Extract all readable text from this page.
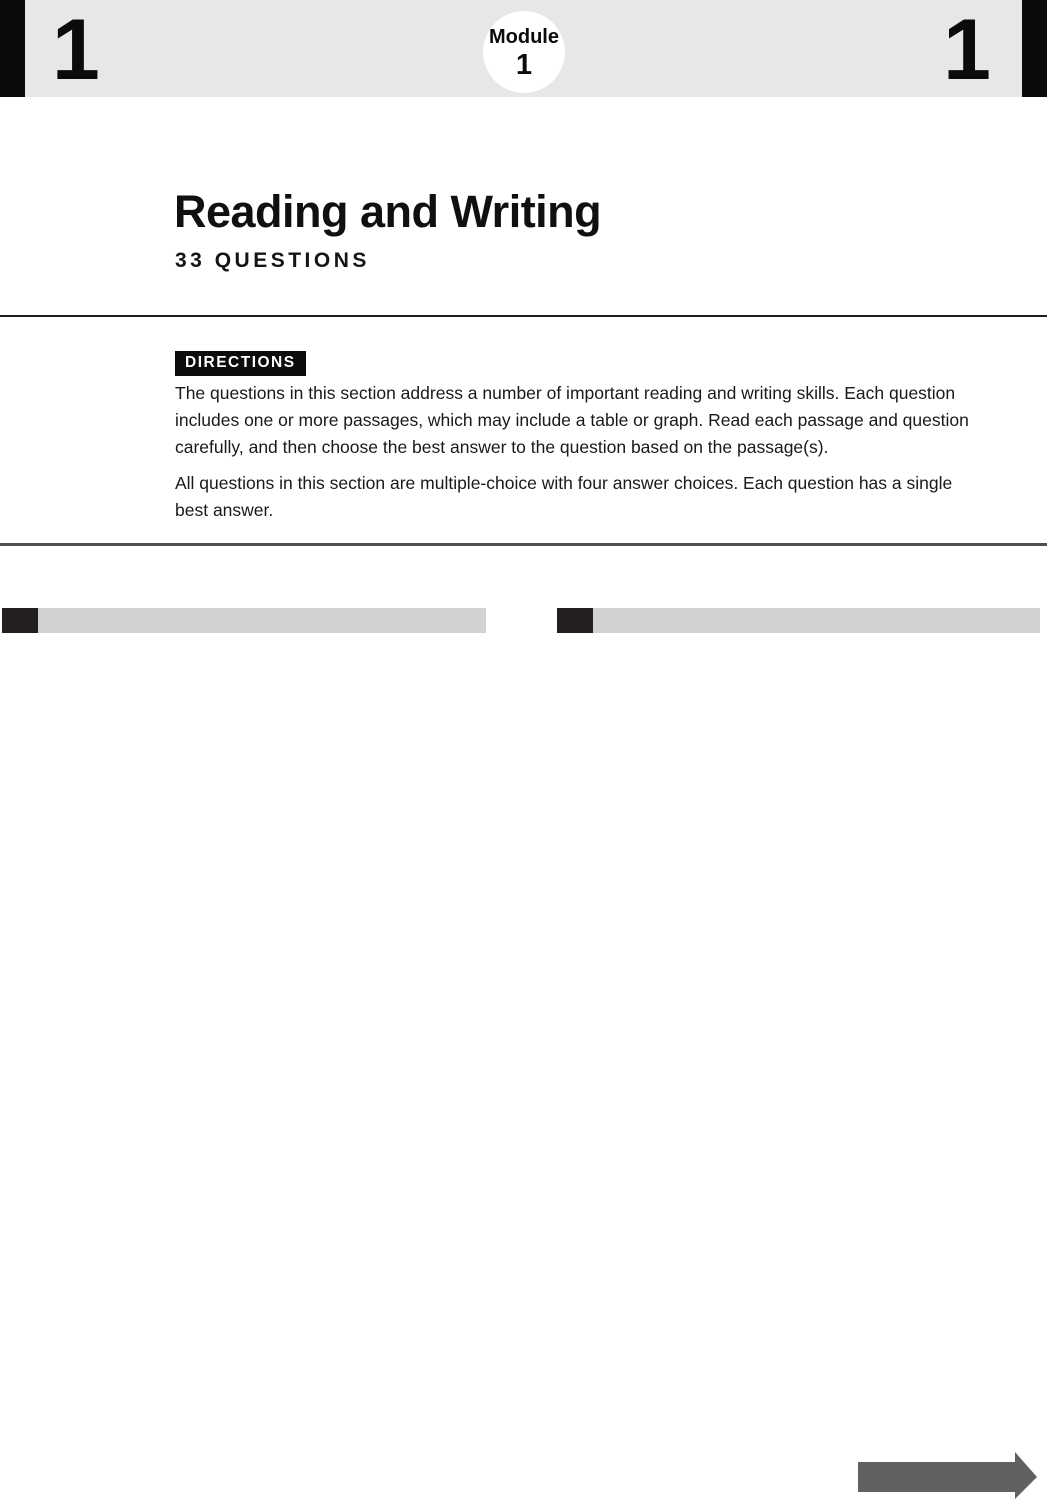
1	1
Module
1
Reading and Writing
33 QUESTIONS
DIRECTIONS

The questions in this section address a number of important reading and writing skills. Each question includes one or more passages, which may include a table or graph. Read each passage and question carefully, and then choose the best answer to the question based on the passage(s).

All questions in this section are multiple-choice with four answer choices. Each question has a single best answer.
